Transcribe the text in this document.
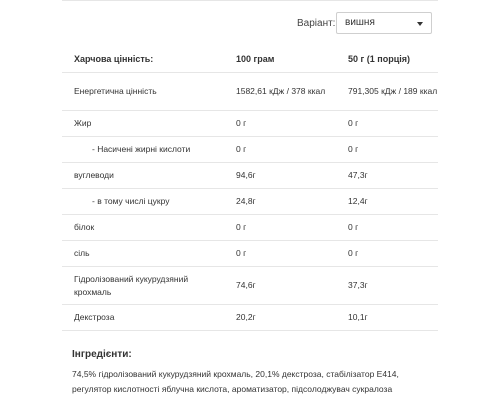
Варіант: вишня
Харчова цінність:	100 грам	50 г (1 порція)
Енергетична цінність	1582,61 кДж / 378 ккал	791,305 кДж / 189 ккал
Жир	0 г	0 г
- Насичені жирні кислоти	0 г	0 г
вуглеводи	94,6г	47,3г
- в тому числі цукру	24,8г	12,4г
білок	0 г	0 г
сіль	0 г	0 г
Гідролізований кукурудзяний крохмаль	74,6г	37,3г
Декстроза	20,2г	10,1г
Інгредієнти:
74,5% гідролізований кукурудзяний крохмаль, 20,1% декстроза, стабілізатор E414, регулятор кислотності яблучна кислота, ароматизатор, підсолоджувач сукралоза
